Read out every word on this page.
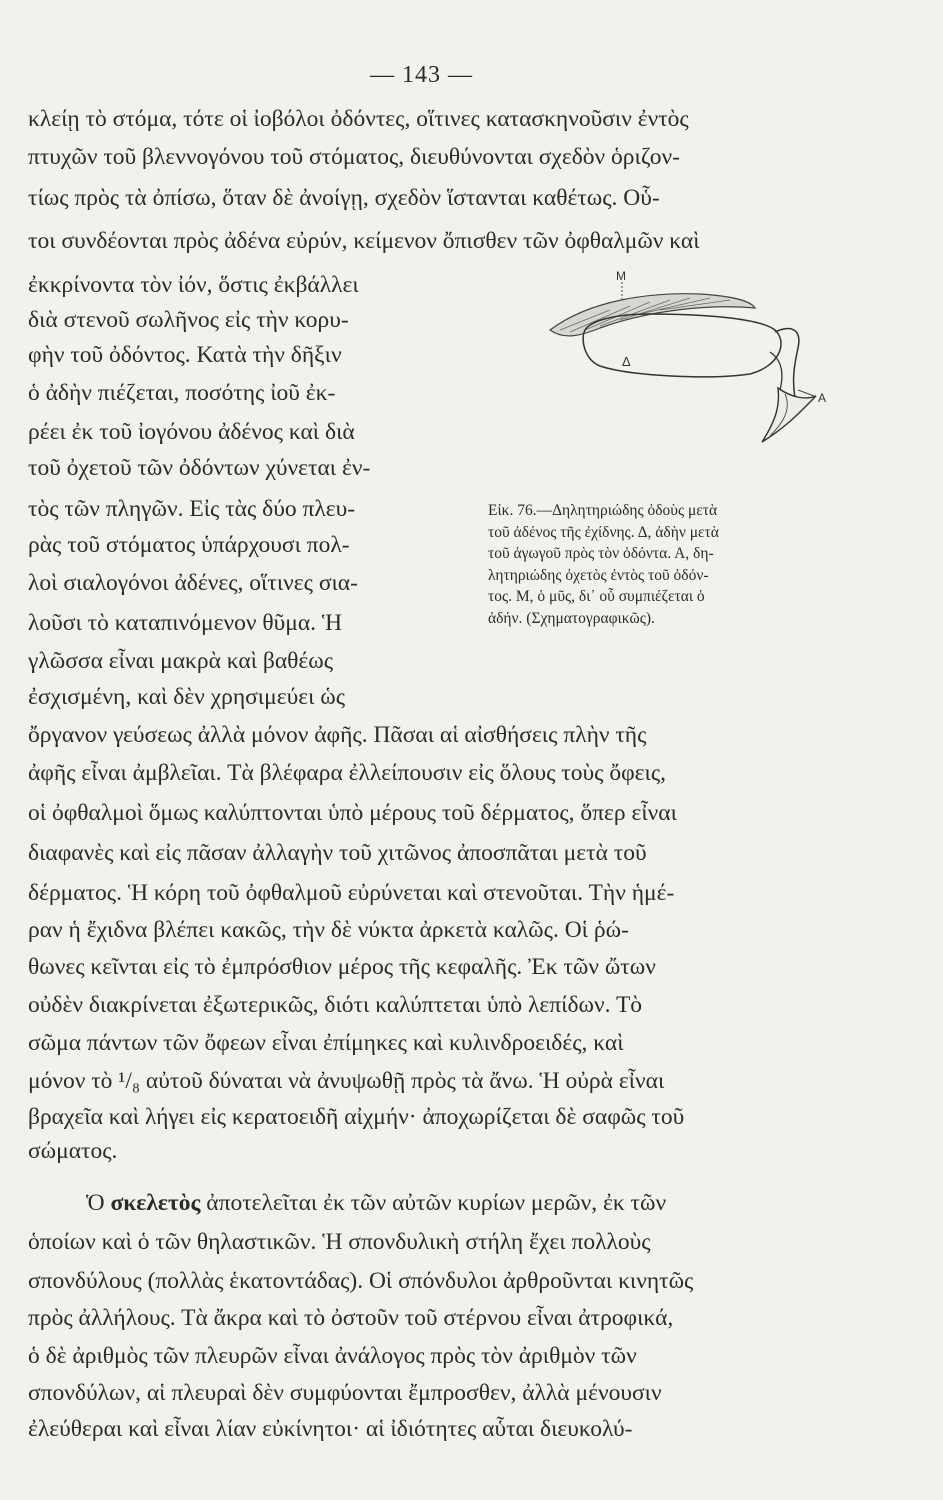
— 143 —
κλείῃ τὸ στόμα, τότε οἱ ἰοβόλοι ὀδόντες, οἵτινες κατασκηνοῦσιν ἐντὸς
πτυχῶν τοῦ βλεννογόνου τοῦ στόματος, διευθύνονται σχεδὸν ὁριζον-
τίως πρὸς τὰ ὀπίσω, ὅταν δὲ ἀνοίγῃ, σχεδὸν ἵστανται καθέτως. Οὗ-
τοι συνδέονται πρὸς ἀδένα εὐρύν, κείμενον ὄπισθεν τῶν ὀφθαλμῶν καὶ
ἐκκρίνοντα τὸν ἰόν, ὅστις ἐκβάλλει
διὰ στενοῦ σωλῆνος εἰς τὴν κορυ-
φὴν τοῦ ὀδόντος. Κατὰ τὴν δῆξιν
ὁ ἀδὴν πιέζεται, ποσότης ἰοῦ ἐκ-
ρέει ἐκ τοῦ ἰογόνου ἀδένος καὶ διὰ
τοῦ ὀχετοῦ τῶν ὀδόντων χύνεται ἐν-
τὸς τῶν πληγῶν. Εἰς τὰς δύο πλευ-
ρὰς τοῦ στόματος ὑπάρχουσι πολ-
λοὶ σιαλογόνοι ἀδένες, οἵτινες σια-
λοῦσι τὸ καταπινόμενον θῦμα. Ἡ
γλῶσσα εἶναι μακρὰ καὶ βαθέως
ἐσχισμένη, καὶ δὲν χρησιμεύει ὡς
M
Δ
A
Εἰκ. 76.—Δηλητηριώδης ὀδοὺς μετὰ
τοῦ ἀδένος τῆς ἐχίδνης. Δ, ἀδὴν μετὰ
τοῦ ἀγωγοῦ πρὸς τὸν ὀδόντα. Α, δη-
λητηριώδης ὀχετὸς ἐντὸς τοῦ ὀδόν-
τος. Μ, ὁ μῦς, δι᾽ οὗ συμπιέζεται ὁ
ἀδήν. (Σχηματογραφικῶς).
ὄργανον γεύσεως ἀλλὰ μόνον ἀφῆς. Πᾶσαι αἱ αἰσθήσεις πλὴν τῆς
ἀφῆς εἶναι ἀμβλεῖαι. Τὰ βλέφαρα ἐλλείπουσιν εἰς ὅλους τοὺς ὄφεις,
οἱ ὀφθαλμοὶ ὅμως καλύπτονται ὑπὸ μέρους τοῦ δέρματος, ὅπερ εἶναι
διαφανὲς καὶ εἰς πᾶσαν ἀλλαγὴν τοῦ χιτῶνος ἀποσπᾶται μετὰ τοῦ
δέρματος. Ἡ κόρη τοῦ ὀφθαλμοῦ εὐρύνεται καὶ στενοῦται. Τὴν ἡμέ-
ραν ἡ ἔχιδνα βλέπει κακῶς, τὴν δὲ νύκτα ἀρκετὰ καλῶς. Οἱ ῥώ-
θωνες κεῖνται εἰς τὸ ἐμπρόσθιον μέρος τῆς κεφαλῆς. Ἐκ τῶν ὤτων
οὐδὲν διακρίνεται ἐξωτερικῶς, διότι καλύπτεται ὑπὸ λεπίδων. Τὸ
σῶμα πάντων τῶν ὄφεων εἶναι ἐπίμηκες καὶ κυλινδροειδές, καὶ
μόνον τὸ ¹/₈ αὐτοῦ δύναται νὰ ἀνυψωθῇ πρὸς τὰ ἄνω. Ἡ οὐρὰ εἶναι
βραχεῖα καὶ λήγει εἰς κερατοειδῆ αἰχμήν· ἀποχωρίζεται δὲ σαφῶς τοῦ
σώματος.
Ὁ σκελετὸς ἀποτελεῖται ἐκ τῶν αὐτῶν κυρίων μερῶν, ἐκ τῶν
ὁποίων καὶ ὁ τῶν θηλαστικῶν. Ἡ σπονδυλικὴ στήλη ἔχει πολλοὺς
σπονδύλους (πολλὰς ἑκατοντάδας). Οἱ σπόνδυλοι ἀρθροῦνται κινητῶς
πρὸς ἀλλήλους. Τὰ ἄκρα καὶ τὸ ὀστοῦν τοῦ στέρνου εἶναι ἀτροφικά,
ὁ δὲ ἀριθμὸς τῶν πλευρῶν εἶναι ἀνάλογος πρὸς τὸν ἀριθμὸν τῶν
σπονδύλων, αἱ πλευραὶ δὲν συμφύονται ἔμπροσθεν, ἀλλὰ μένουσιν
ἐλεύθεραι καὶ εἶναι λίαν εὐκίνητοι· αἱ ἰδιότητες αὗται διευκολύ-
